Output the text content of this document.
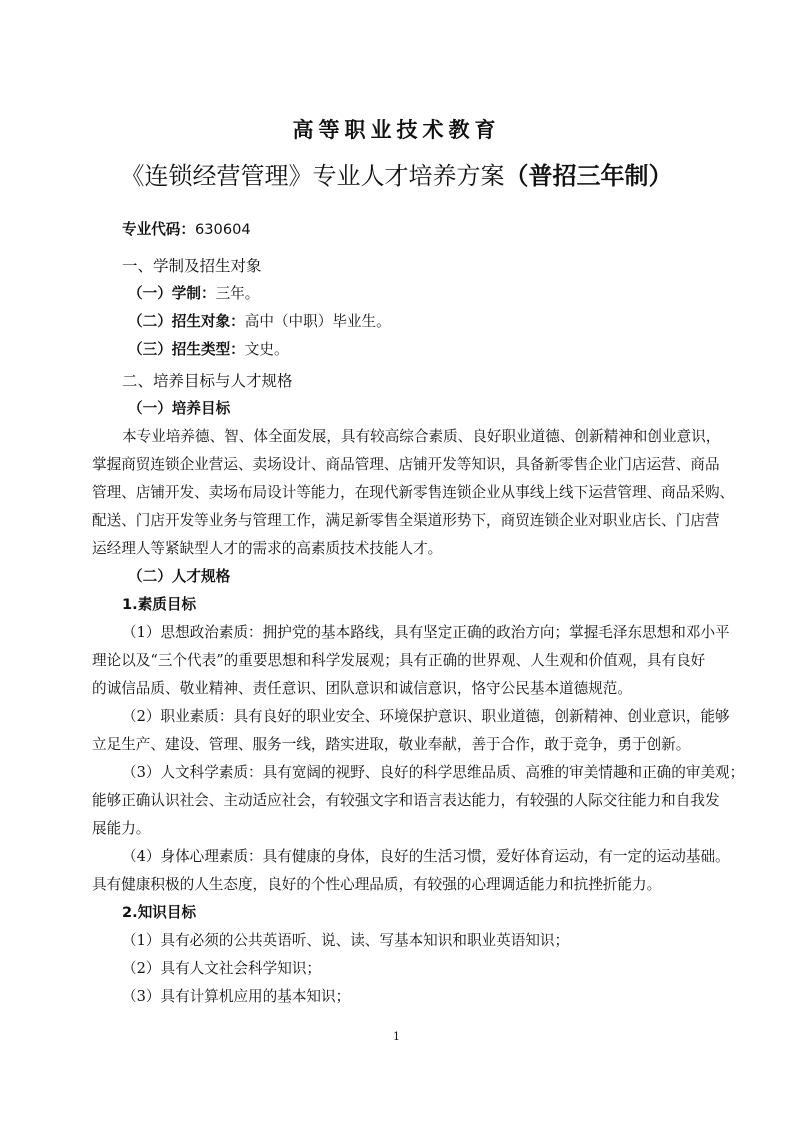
高等职业技术教育
《连锁经营管理》专业人才培养方案（普招三年制）
专业代码：630604
一、学制及招生对象
（一）学制：三年。
（二）招生对象：高中（中职）毕业生。
（三）招生类型：文史。
二、培养目标与人才规格
（一）培养目标
本专业培养德、智、体全面发展，具有较高综合素质、良好职业道德、创新精神和创业意识，
掌握商贸连锁企业营运、卖场设计、商品管理、店铺开发等知识，具备新零售企业门店运营、商品
管理、店铺开发、卖场布局设计等能力，在现代新零售连锁企业从事线上线下运营管理、商品采购、
配送、门店开发等业务与管理工作，满足新零售全渠道形势下，商贸连锁企业对职业店长、门店营
运经理人等紧缺型人才的需求的高素质技术技能人才。
（二）人才规格
1.素质目标
（1）思想政治素质：拥护党的基本路线，具有坚定正确的政治方向；掌握毛泽东思想和邓小平
理论以及“三个代表”的重要思想和科学发展观；具有正确的世界观、人生观和价值观，具有良好
的诚信品质、敬业精神、责任意识、团队意识和诚信意识，恪守公民基本道德规范。
（2）职业素质：具有良好的职业安全、环境保护意识、职业道德，创新精神、创业意识，能够
立足生产、建设、管理、服务一线，踏实进取，敬业奉献，善于合作，敢于竞争，勇于创新。
（3）人文科学素质：具有宽阔的视野、良好的科学思维品质、高雅的审美情趣和正确的审美观；
能够正确认识社会、主动适应社会，有较强文字和语言表达能力，有较强的人际交往能力和自我发
展能力。
（4）身体心理素质：具有健康的身体，良好的生活习惯，爱好体育运动，有一定的运动基础。
具有健康积极的人生态度，良好的个性心理品质，有较强的心理调适能力和抗挫折能力。
2.知识目标
（1）具有必须的公共英语听、说、读、写基本知识和职业英语知识；
（2）具有人文社会科学知识；
（3）具有计算机应用的基本知识；
1
